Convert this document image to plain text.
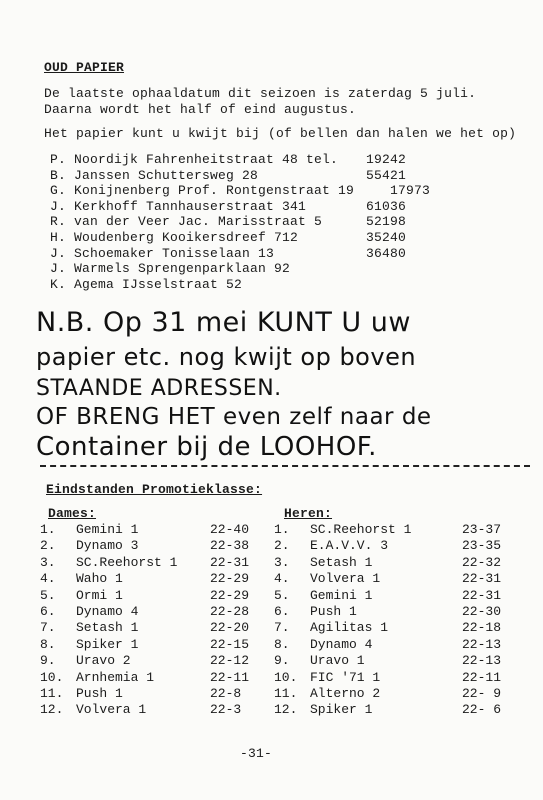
OUD PAPIER
De laatste ophaaldatum dit seizoen is zaterdag 5 juli.
Daarna wordt het half of eind augustus.
Het papier kunt u kwijt bij (of bellen dan halen we het op)
P. Noordijk Fahrenheitstraat 48 tel. 19242
B. Janssen Schuttersweg 28	55421
G. Konijnenberg Prof. Rontgenstraat 19	17973
J. Kerkhoff Tannhauserstraat 341	61036
R. van der Veer Jac. Marisstraat 5	52198
H. Woudenberg Kooikersdreef 712	35240
J. Schoemaker Tonisselaan 13	36480
J. Warmels Sprengenparklaan 92
K. Agema IJsselstraat 52
N.B. Op 31 mei KUNT U uw
papier etc. nog kwijt op boven
STAANDE ADRESSEN.
OF BRENG HET even zelf naar de
Container bij de LOOHOF.
Eindstanden Promotieklasse:
Dames:	Heren:
1. Gemini 1	22-40
2. Dynamo 3	22-38
3. SC.Reehorst 1	22-31
4. Waho 1	22-29
5. Ormi 1	22-29
6. Dynamo 4	22-28
7. Setash 1	22-20
8. Spiker 1	22-15
9. Uravo 2	22-12
10. Arnhemia 1	22-11
11. Push 1	22-8
12. Volvera 1	22-3
1. SC.Reehorst 1	23-37
2. E.A.V.V. 3	23-35
3. Setash 1	22-32
4. Volvera 1	22-31
5. Gemini 1	22-31
6. Push 1	22-30
7. Agilitas 1	22-18
8. Dynamo 4	22-13
9. Uravo 1	22-13
10. FIC '71 1	22-11
11. Alterno 2	22- 9
12. Spiker 1	22- 6
-31-
